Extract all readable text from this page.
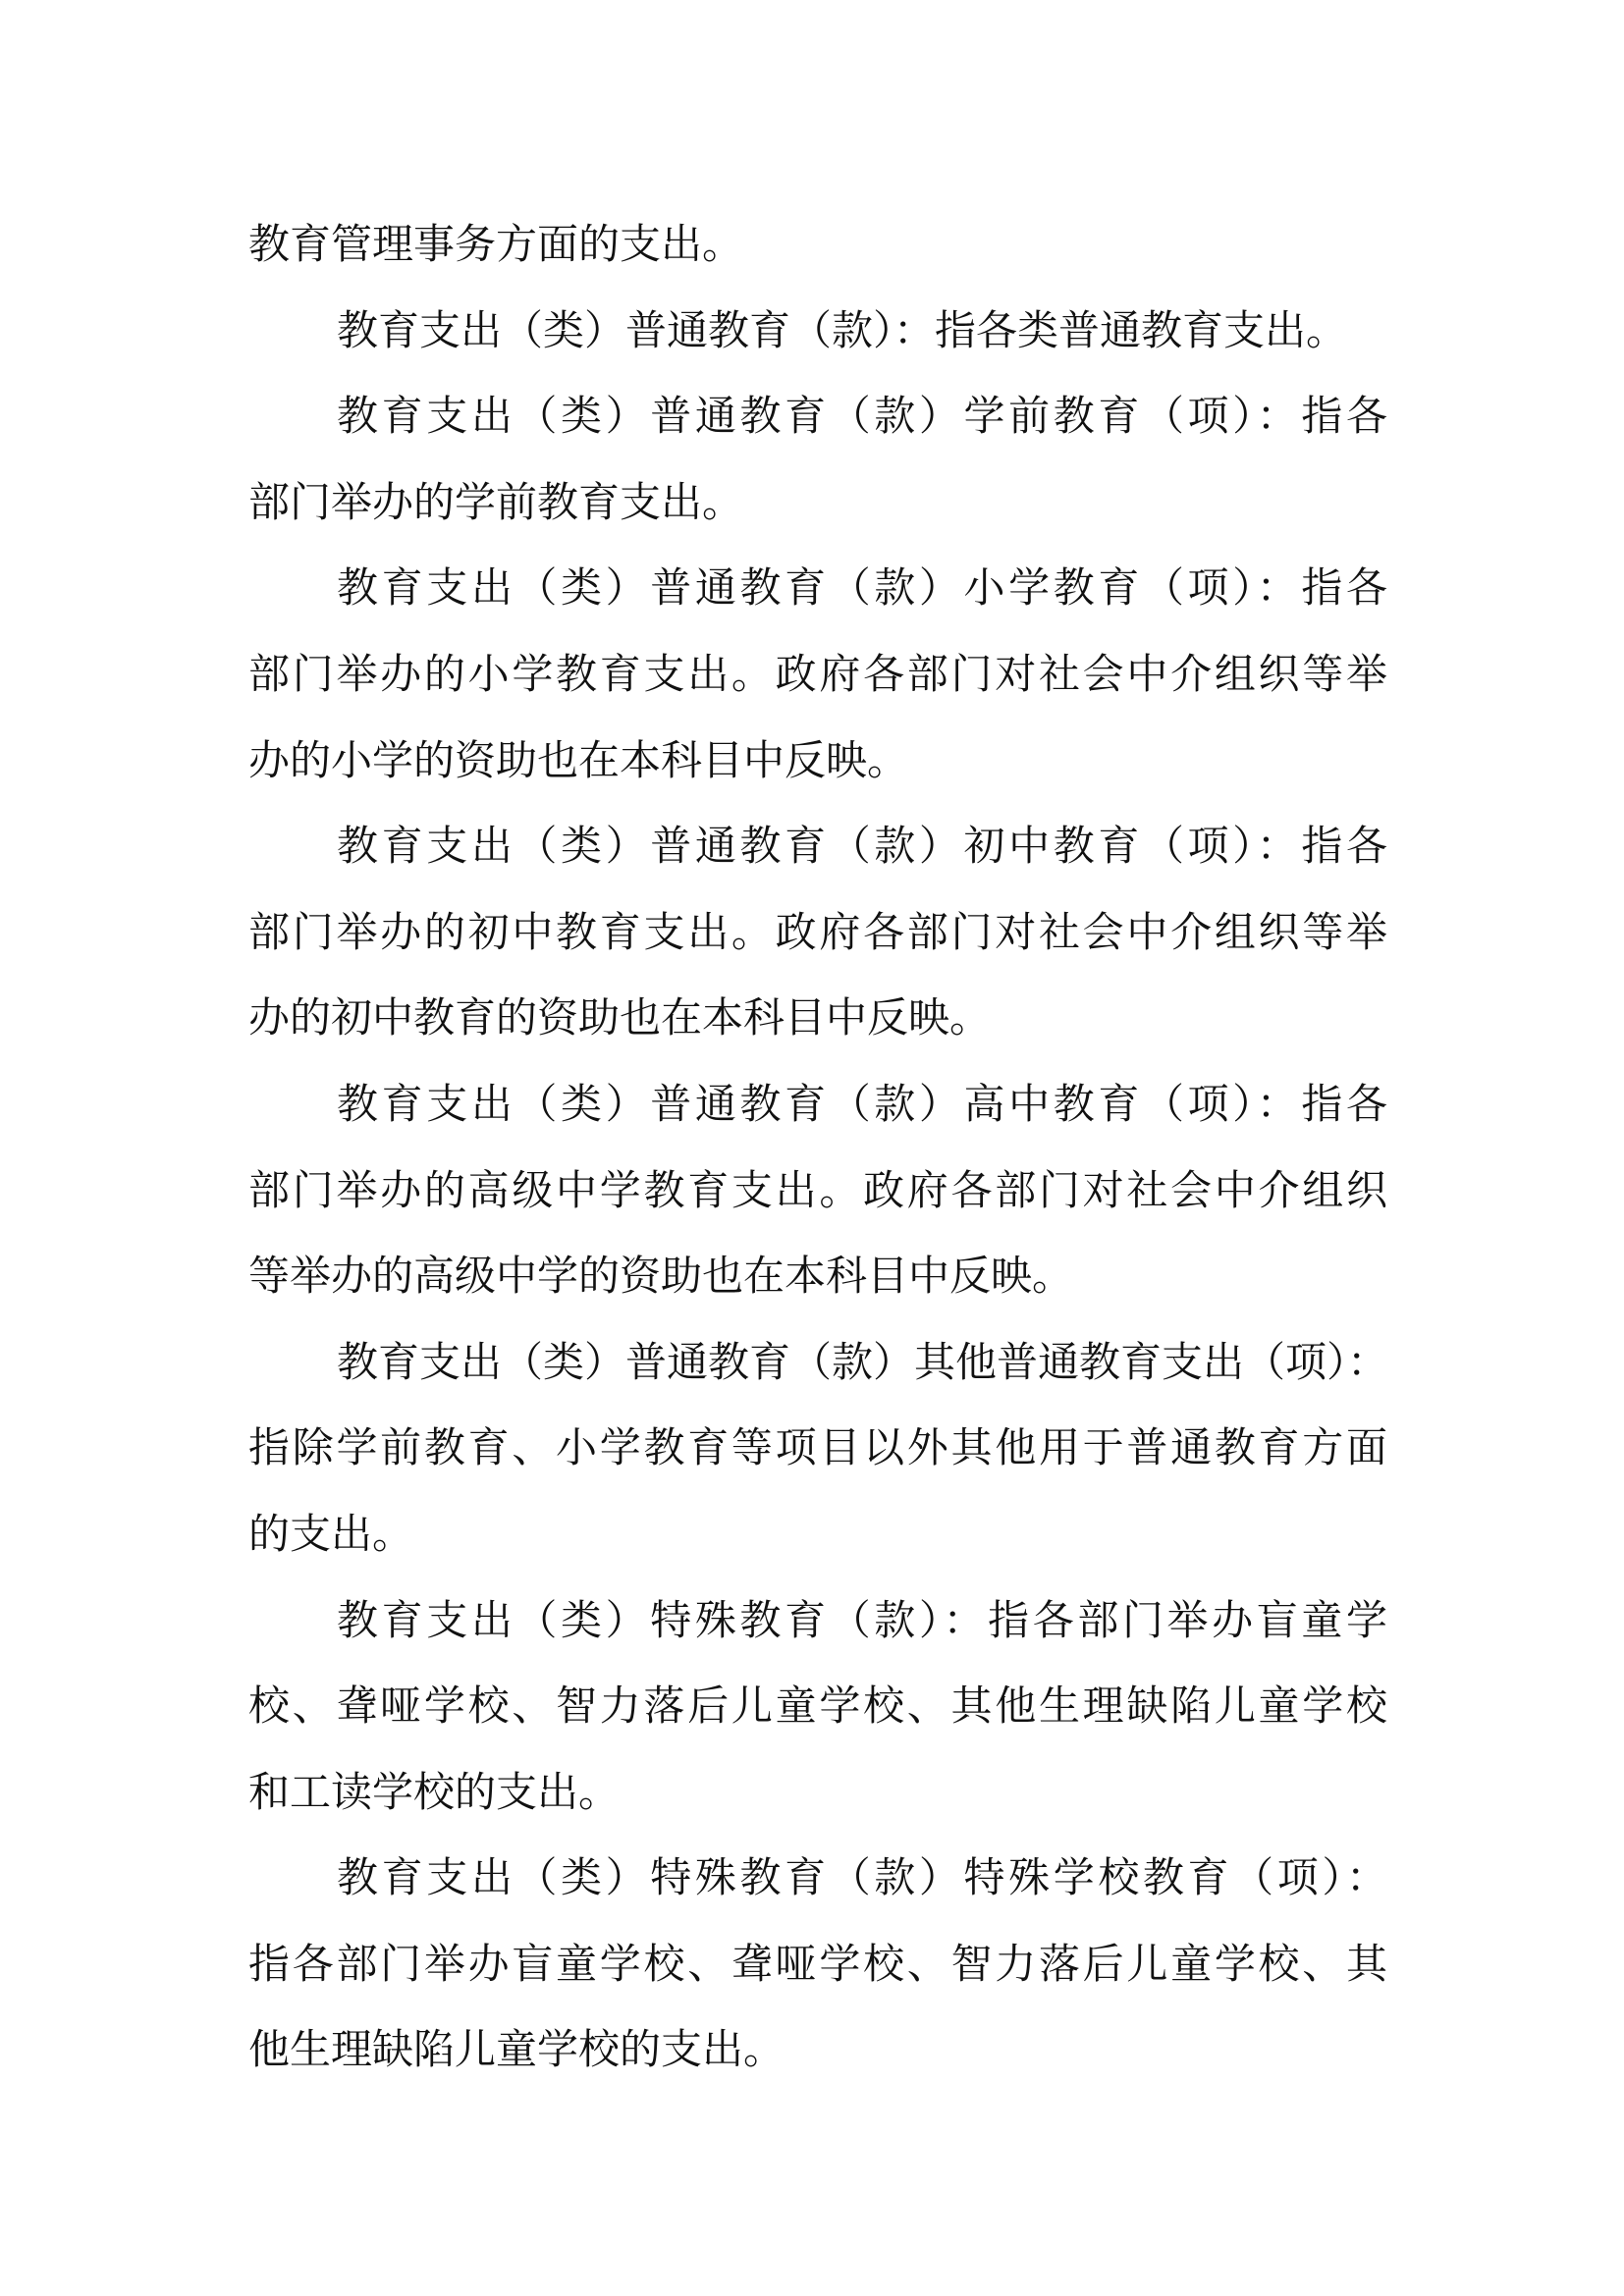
教育管理事务方面的支出。
教育支出（类）普通教育（款）：指各类普通教育支出。
教育支出（类）普通教育（款）学前教育（项）：指各
部门举办的学前教育支出。
教育支出（类）普通教育（款）小学教育（项）：指各
部门举办的小学教育支出。政府各部门对社会中介组织等举
办的小学的资助也在本科目中反映。
教育支出（类）普通教育（款）初中教育（项）：指各
部门举办的初中教育支出。政府各部门对社会中介组织等举
办的初中教育的资助也在本科目中反映。
教育支出（类）普通教育（款）高中教育（项）：指各
部门举办的高级中学教育支出。政府各部门对社会中介组织
等举办的高级中学的资助也在本科目中反映。
教育支出（类）普通教育（款）其他普通教育支出（项）：
指除学前教育、小学教育等项目以外其他用于普通教育方面
的支出。
教育支出（类）特殊教育（款）：指各部门举办盲童学
校、聋哑学校、智力落后儿童学校、其他生理缺陷儿童学校
和工读学校的支出。
教育支出（类）特殊教育（款）特殊学校教育（项）：
指各部门举办盲童学校、聋哑学校、智力落后儿童学校、其
他生理缺陷儿童学校的支出。
